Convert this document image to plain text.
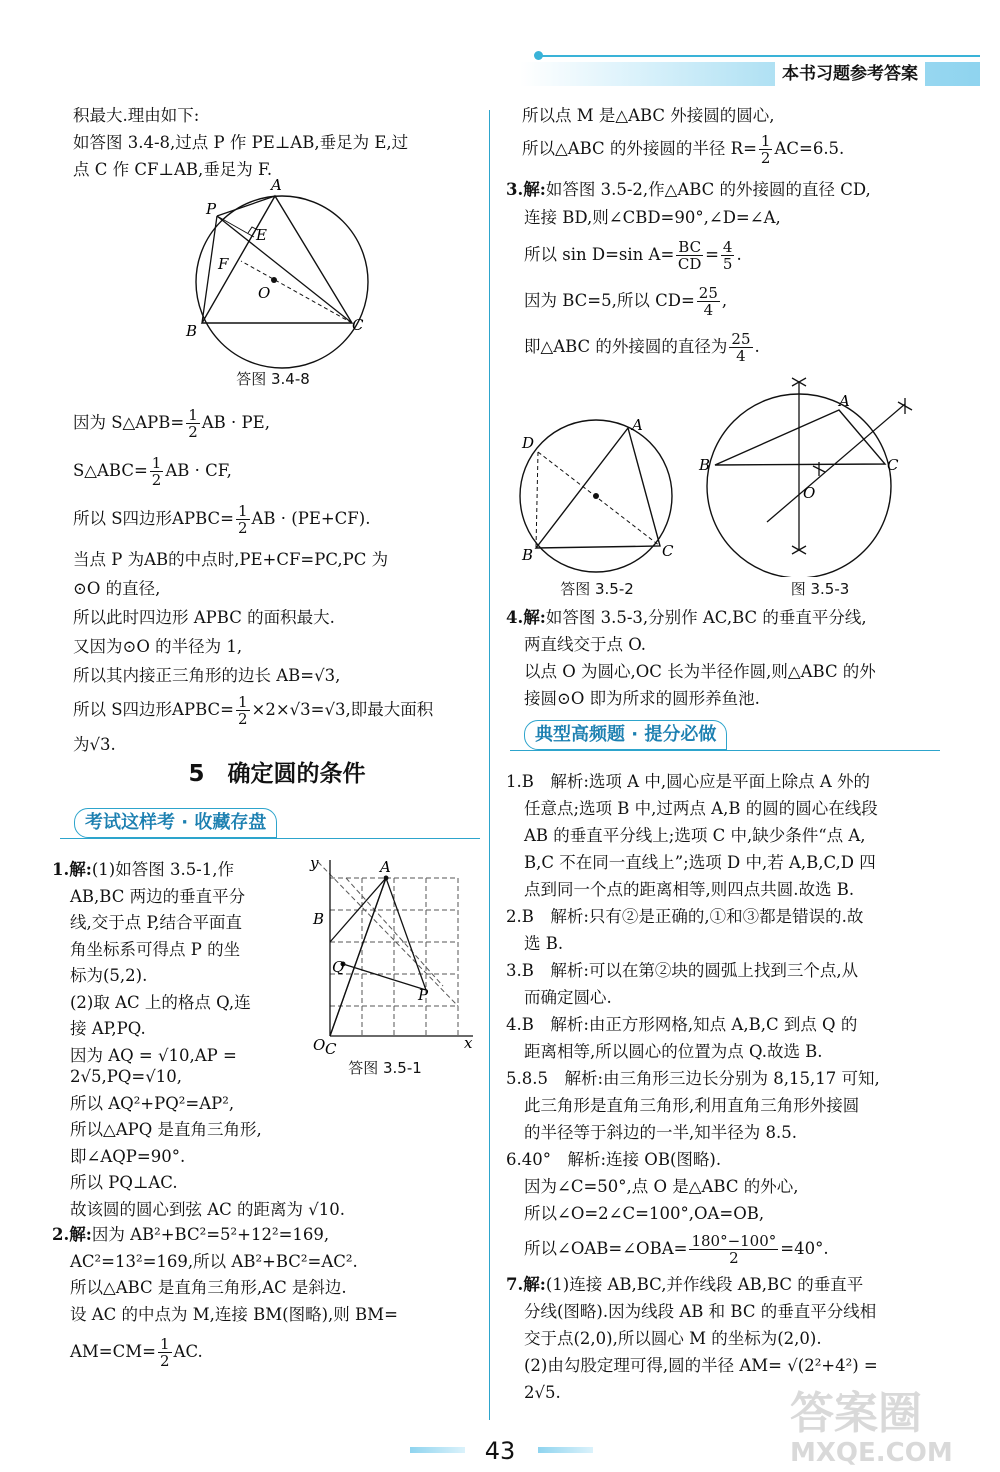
本书习题参考答案

积最大.理由如下:

如答图 3.4-8,过点 P 作 PE⊥AB,垂足为 E,过

点 C 作 CF⊥AB,垂足为 F.

A
P
E
F
O
B	C
答图 3.4-8

因为 S△APB= $\frac{1}{2}$ AB · PE,

S△ABC= $\frac{1}{2}$ AB · CF,

所以 S四边形APBC= $\frac{1}{2}$ AB · (PE+CF).

当点 P 为AB的中点时,PE+CF=PC,PC 为

⊙O 的直径,

所以此时四边形 APBC 的面积最大.

又因为⊙O 的半径为 1,

所以其内接正三角形的边长 AB=√3,

所以 S四边形APBC= $\frac{1}{2} \times 2\times√3=√3$,即最大面积

为√3.

5　确定圆的条件
考试这样考 · 收藏存盘

1.解:(1)如答图 3.5-1,作

AB,BC 两边的垂直平分

线,交于点 P,结合平面直

角坐标系可得点 P 的坐

标为(5,2).

(2)取 AC 上的格点 Q,连

接 AP,PQ.

因为 AQ = √10,AP =

y	A
B
Q
P
O C	x
答图 3.5-1

2√5,PQ=√10,

所以 AQ²+PQ²=AP²,

所以△APQ 是直角三角形,

即∠AQP=90°.

所以 PQ⊥AC.

故该圆的圆心到弦 AC 的距离为 √10.

2.解:因为 AB²+BC²=5²+12²=169,

AC²=13²=169,所以 AB²+BC²=AC².

所以△ABC 是直角三角形,AC 是斜边.

设 AC 的中点为 M,连接 BM(图略),则 BM=

$AM=CM= \frac{1}{2}$ AC.

所以点 M 是△ABC 外接圆的圆心,

所以△ABC 的外接圆的半径 $R= \frac{1}{2} AC=6.5$.

3.解:如答图 3.5-2,作△ABC 的外接圆的直径 CD,

连接 BD,则∠CBD=90°,∠D=∠A,

所以 sin D=sin $A= \frac{BC}{CD} = \frac{4}{5}$ .

因为 BC=5,所以 $CD= \frac{25}{4}$ ,

即△ABC 的外接圆的直径为 $\frac{25}{4}$ .

D
A
B	C
答图 3.5-2
A
B	C
O
图 3.5-3

4.解:如答图 3.5-3,分别作 AC,BC 的垂直平分线,

两直线交于点 O.

以点 O 为圆心,OC 长为半径作圆,则△ABC 的外

接圆⊙O 即为所求的圆形养鱼池.

典型高频题 · 提分必做

1.B　解析:选项 A 中,圆心应是平面上除点 A 外的

任意点;选项 B 中,过两点 A,B 的圆的圆心在线段

AB 的垂直平分线上;选项 C 中,缺少条件“点 A,

B,C 不在同一直线上”;选项 D 中,若 A,B,C,D 四

点到同一个点的距离相等,则四点共圆.故选 B.

2.B　解析:只有②是正确的,①和③都是错误的.故

选 B.

3.B　解析:可以在第②块的圆弧上找到三个点,从

而确定圆心.

4.B　解析:由正方形网格,知点 A,B,C 到点 Q 的

距离相等,所以圆心的位置为点 Q.故选 B.

5.8.5　解析:由三角形三边长分别为 8,15,17 可知,

此三角形是直角三角形,利用直角三角形外接圆

的半径等于斜边的一半,知半径为 8.5.

6.40°　解析:连接 OB(图略).

因为∠C=50°,点 O 是△ABC 的外心,

所以∠O=2∠C=100°,OA=OB,

所以∠OAB=∠OBA= $\frac{180^\circ-100^\circ}{2} =40^\circ$.

7.解:(1)连接 AB,BC,并作线段 AB,BC 的垂直平

分线(图略).因为线段 AB 和 BC 的垂直平分线相

交于点(2,0),所以圆心 M 的坐标为(2,0).

(2)由勾股定理可得,圆的半径 AM= √(2²+4²) =

2√5.

43
答案圈
MXQE.COM
